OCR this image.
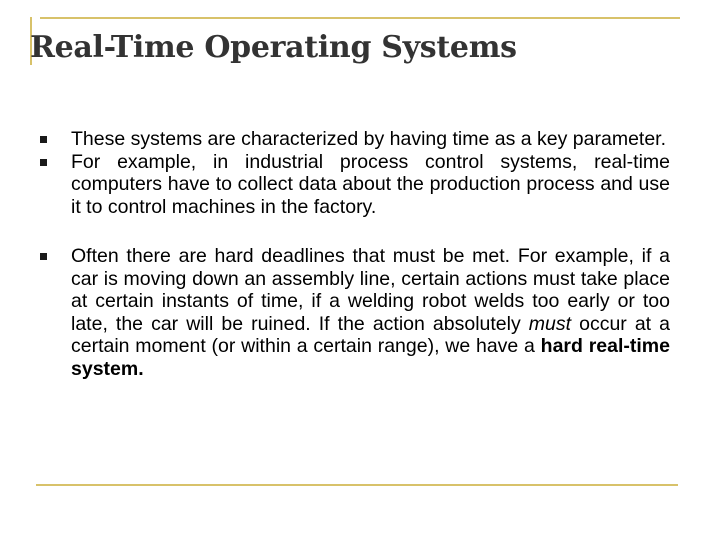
Real-Time Operating Systems
These systems are characterized by having time as a key parameter.
For example, in industrial process control systems, real-time computers have to collect data about the production process and use it to control machines in the factory.
Often there are hard deadlines that must be met. For example, if a car is moving down an assembly line, certain actions must take place at certain instants of time, if a welding robot welds too early or too late, the car will be ruined. If the action absolutely must occur at a certain moment (or within a certain range), we have a hard real-time system.
